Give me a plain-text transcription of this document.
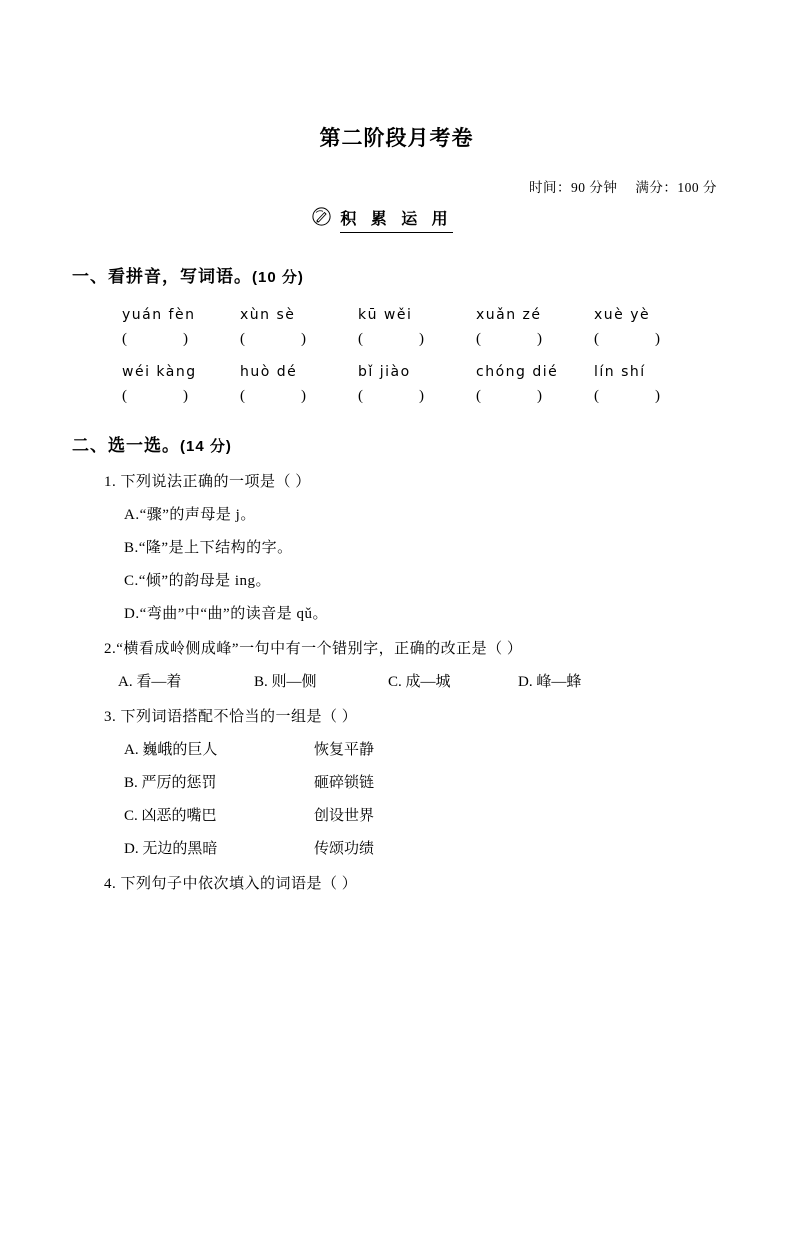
第二阶段月考卷
时间：90 分钟 满分：100 分
积 累 运 用
一、看拼音，写词语。(10 分)
yuán fèn	xùn sè	kū wěi	xuǎn zé	xuè yè
(	)	(	)	(	)	(	)	(	)
wéi kàng	huò dé	bǐ jiào	chóng dié	lín shí
(	)	(	)	(	)	(	)	(	)
二、选一选。(14 分)
1. 下列说法正确的一项是（ ）
A.“骤”的声母是 j。
B.“隆”是上下结构的字。
C.“倾”的韵母是 ing。
D.“弯曲”中“曲”的读音是 qǔ。
2.“横看成岭侧成峰”一句中有一个错别字，正确的改正是（ ）
A. 看—着	B. 则—侧	C. 成—城	D. 峰—蜂
3. 下列词语搭配不恰当的一组是（ ）
A. 巍峨的巨人	恢复平静
B. 严厉的惩罚	砸碎锁链
C. 凶恶的嘴巴	创设世界
D. 无边的黑暗	传颂功绩
4. 下列句子中依次填入的词语是（ ）
